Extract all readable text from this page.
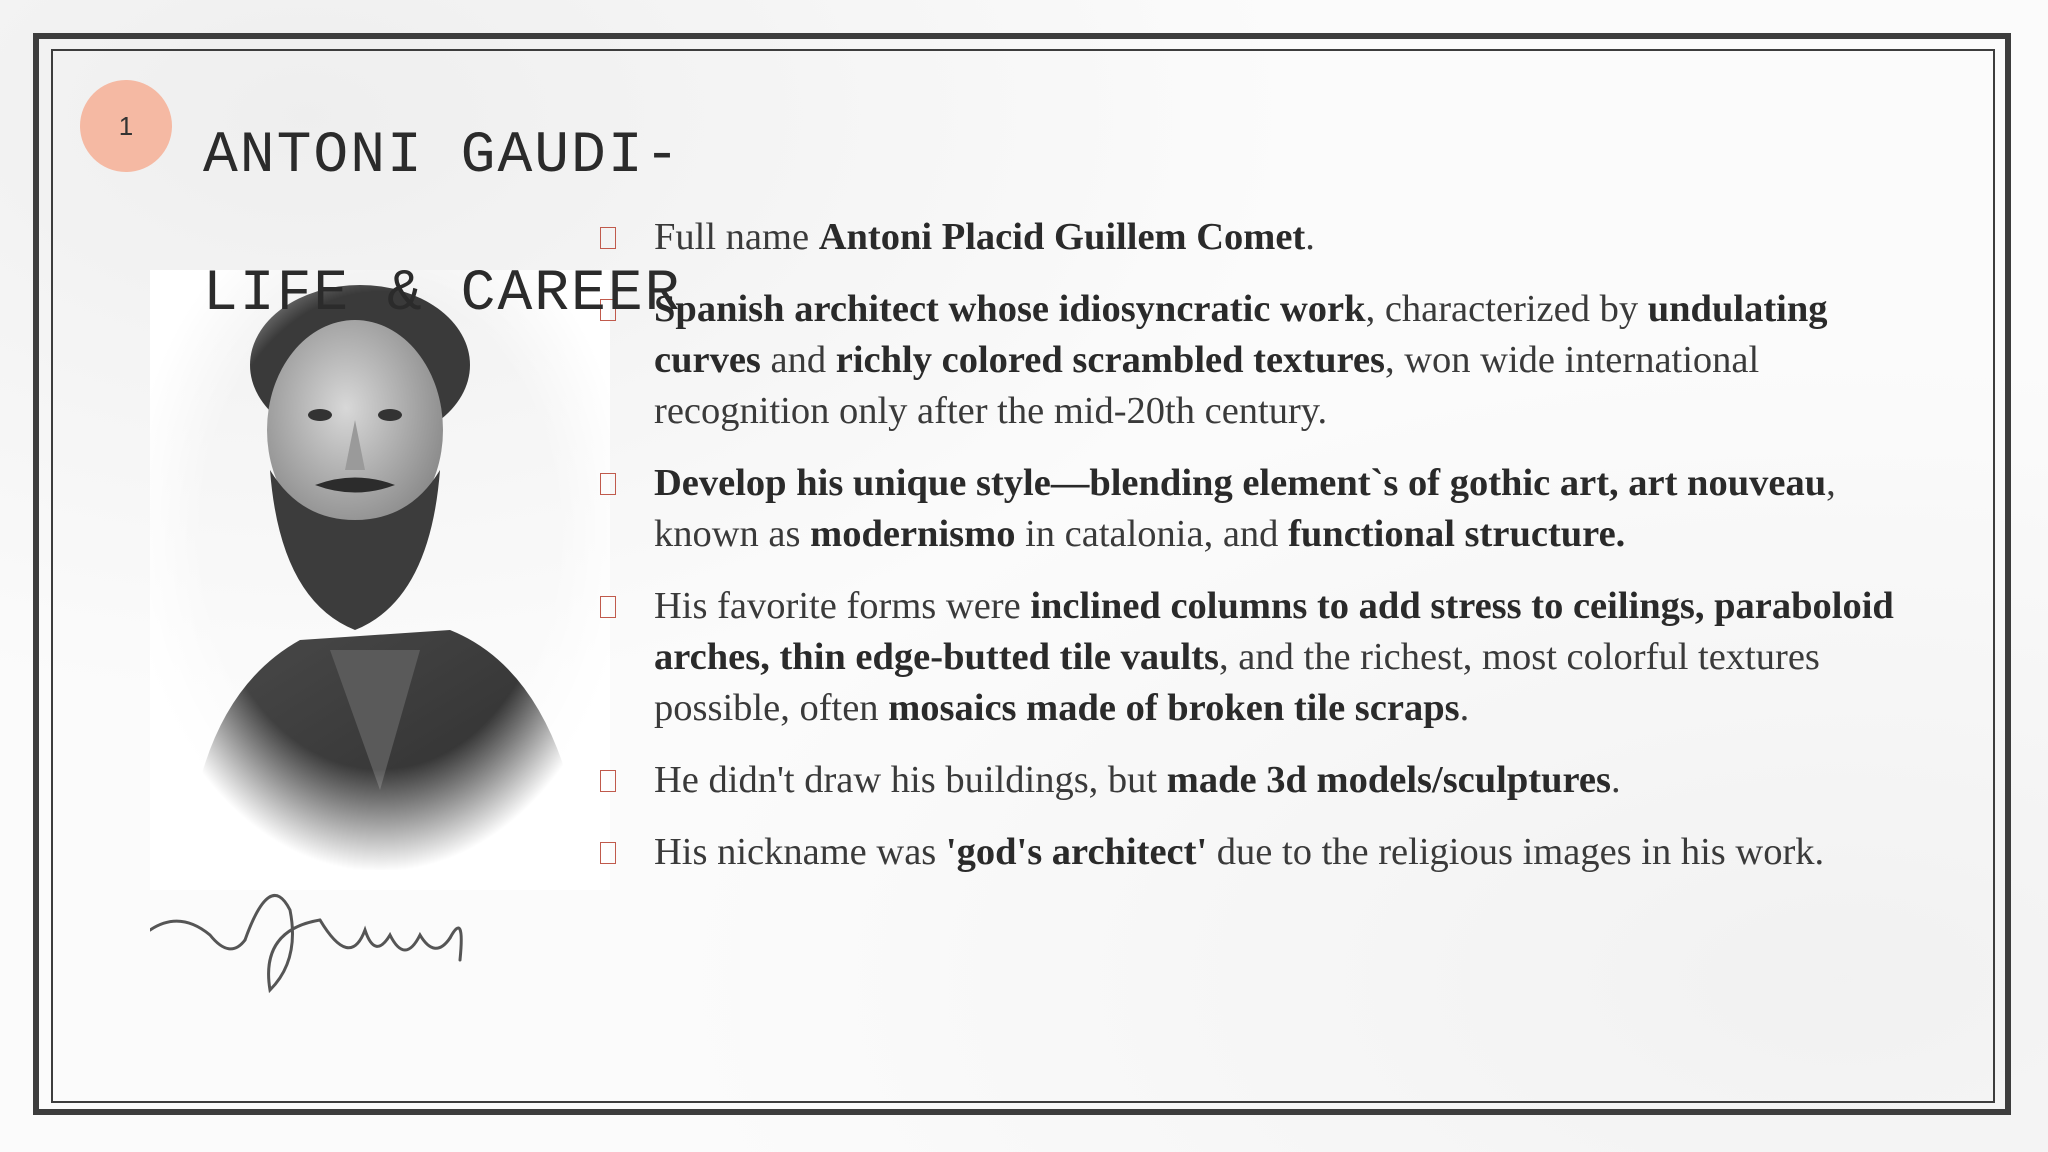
1	ANTONI GAUDI-LIFE & CAREER
Full name Antoni Placid Guillem Comet.
Spanish architect whose idiosyncratic work, characterized by undulating curves and richly colored scrambled textures, won wide international recognition only after the mid-20th century.
Develop his unique style—blending element`s of gothic art, art nouveau, known as modernismo in catalonia, and functional structure.
His favorite forms were inclined columns to add stress to ceilings, paraboloid arches, thin edge-butted tile vaults, and the richest, most colorful textures possible, often mosaics made of broken tile scraps.
He didn't draw his buildings, but made 3d models/sculptures.
His nickname was 'god's architect' due to the religious images in his work.
